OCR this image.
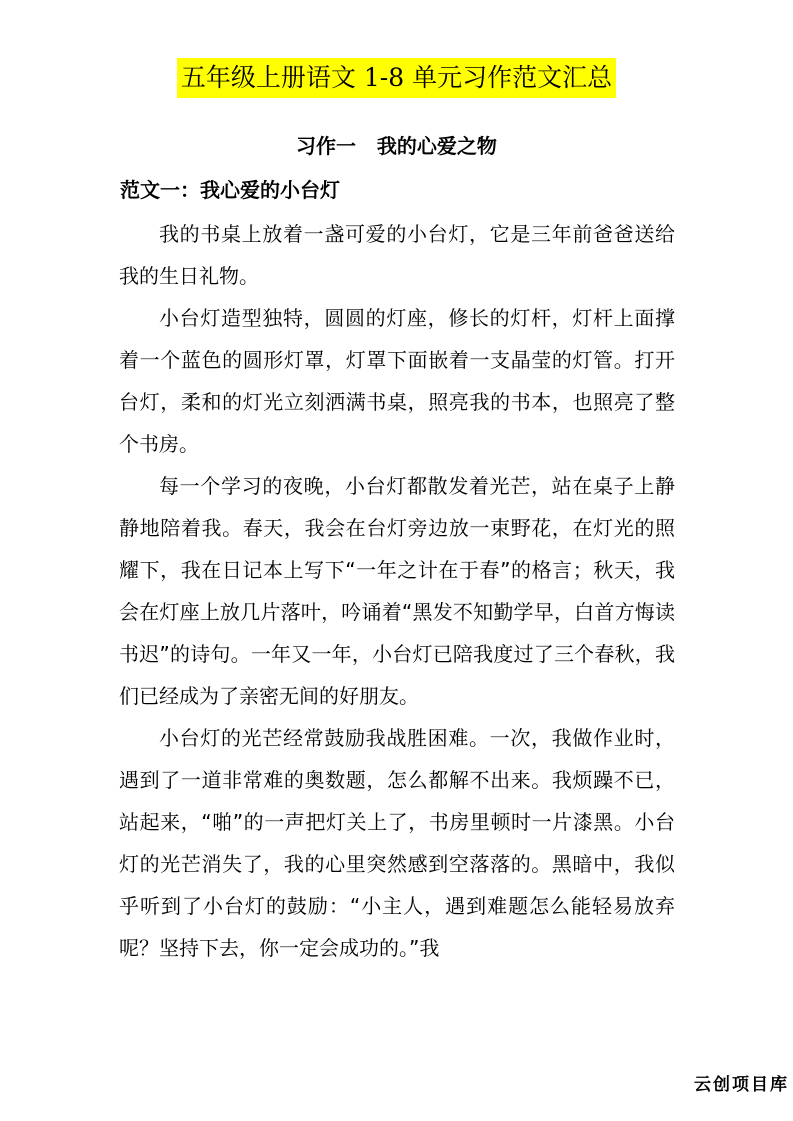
五年级上册语文 1-8 单元习作范文汇总
习作一   我的心爱之物
范文一：我心爱的小台灯

我的书桌上放着一盏可爱的小台灯，它是三年前爸爸送给我的生日礼物。

小台灯造型独特，圆圆的灯座，修长的灯杆，灯杆上面撑着一个蓝色的圆形灯罩，灯罩下面嵌着一支晶莹的灯管。打开台灯，柔和的灯光立刻洒满书桌，照亮我的书本，也照亮了整个书房。

每一个学习的夜晚，小台灯都散发着光芒，站在桌子上静静地陪着我。春天，我会在台灯旁边放一束野花，在灯光的照耀下，我在日记本上写下“一年之计在于春”的格言；秋天，我会在灯座上放几片落叶，吟诵着“黑发不知勤学早，白首方悔读书迟”的诗句。一年又一年，小台灯已陪我度过了三个春秋，我们已经成为了亲密无间的好朋友。

小台灯的光芒经常鼓励我战胜困难。一次，我做作业时，遇到了一道非常难的奥数题，怎么都解不出来。我烦躁不已，站起来，“啪”的一声把灯关上了，书房里顿时一片漆黑。小台灯的光芒消失了，我的心里突然感到空落落的。黑暗中，我似乎听到了小台灯的鼓励：“小主人，遇到难题怎么能轻易放弃呢？坚持下去，你一定会成功的。”我

云创项目库
